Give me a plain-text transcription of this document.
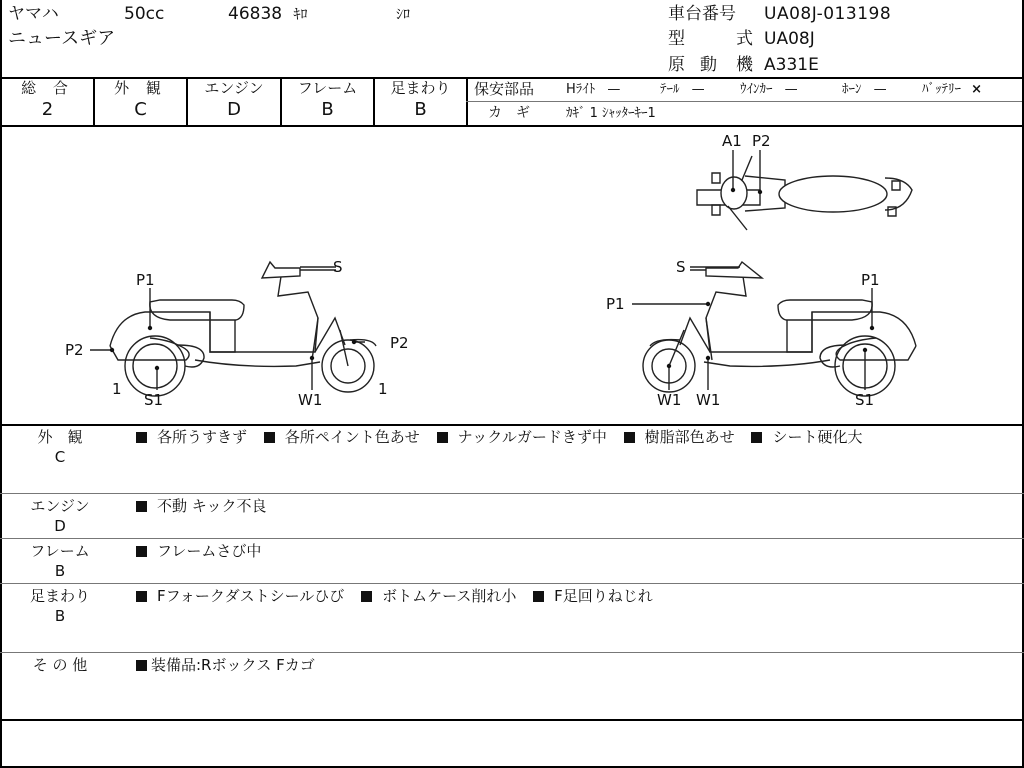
ヤマハ	50cc	46838 ｷﾛ	ｼﾛ
ニュースギア
車台番号 UA08J-013198
型	式 UA08J
原 動 機 A331E
総 合
2
外 観
C
エンジン
D
フレーム
B
足まわり
B
保安部品 Hﾗｲﾄ —	ﾃｰﾙ —	ｳｲﾝｶｰ —	ﾎｰﾝ —	ﾊﾞｯﾃﾘｰ ×
カ　ギ	ｶｷﾞ 1 ｼｬｯﾀｰｷｰ1
A1 P2
S
P1
P2	P2
1
S1	W1
1
S
P1
P1
W1 W1	S1
外　観
C
各所うすきず	各所ペイント色あせ	ナックルガードきず中	樹脂部色あせ	シート硬化大
エンジン
D
不動 キック不良
フレーム
B
フレームさび中
足まわり
B
Fフォークダストシールひび	ボトムケース削れ小	F足回りねじれ
そ の 他	装備品:Rボックス Fカゴ
